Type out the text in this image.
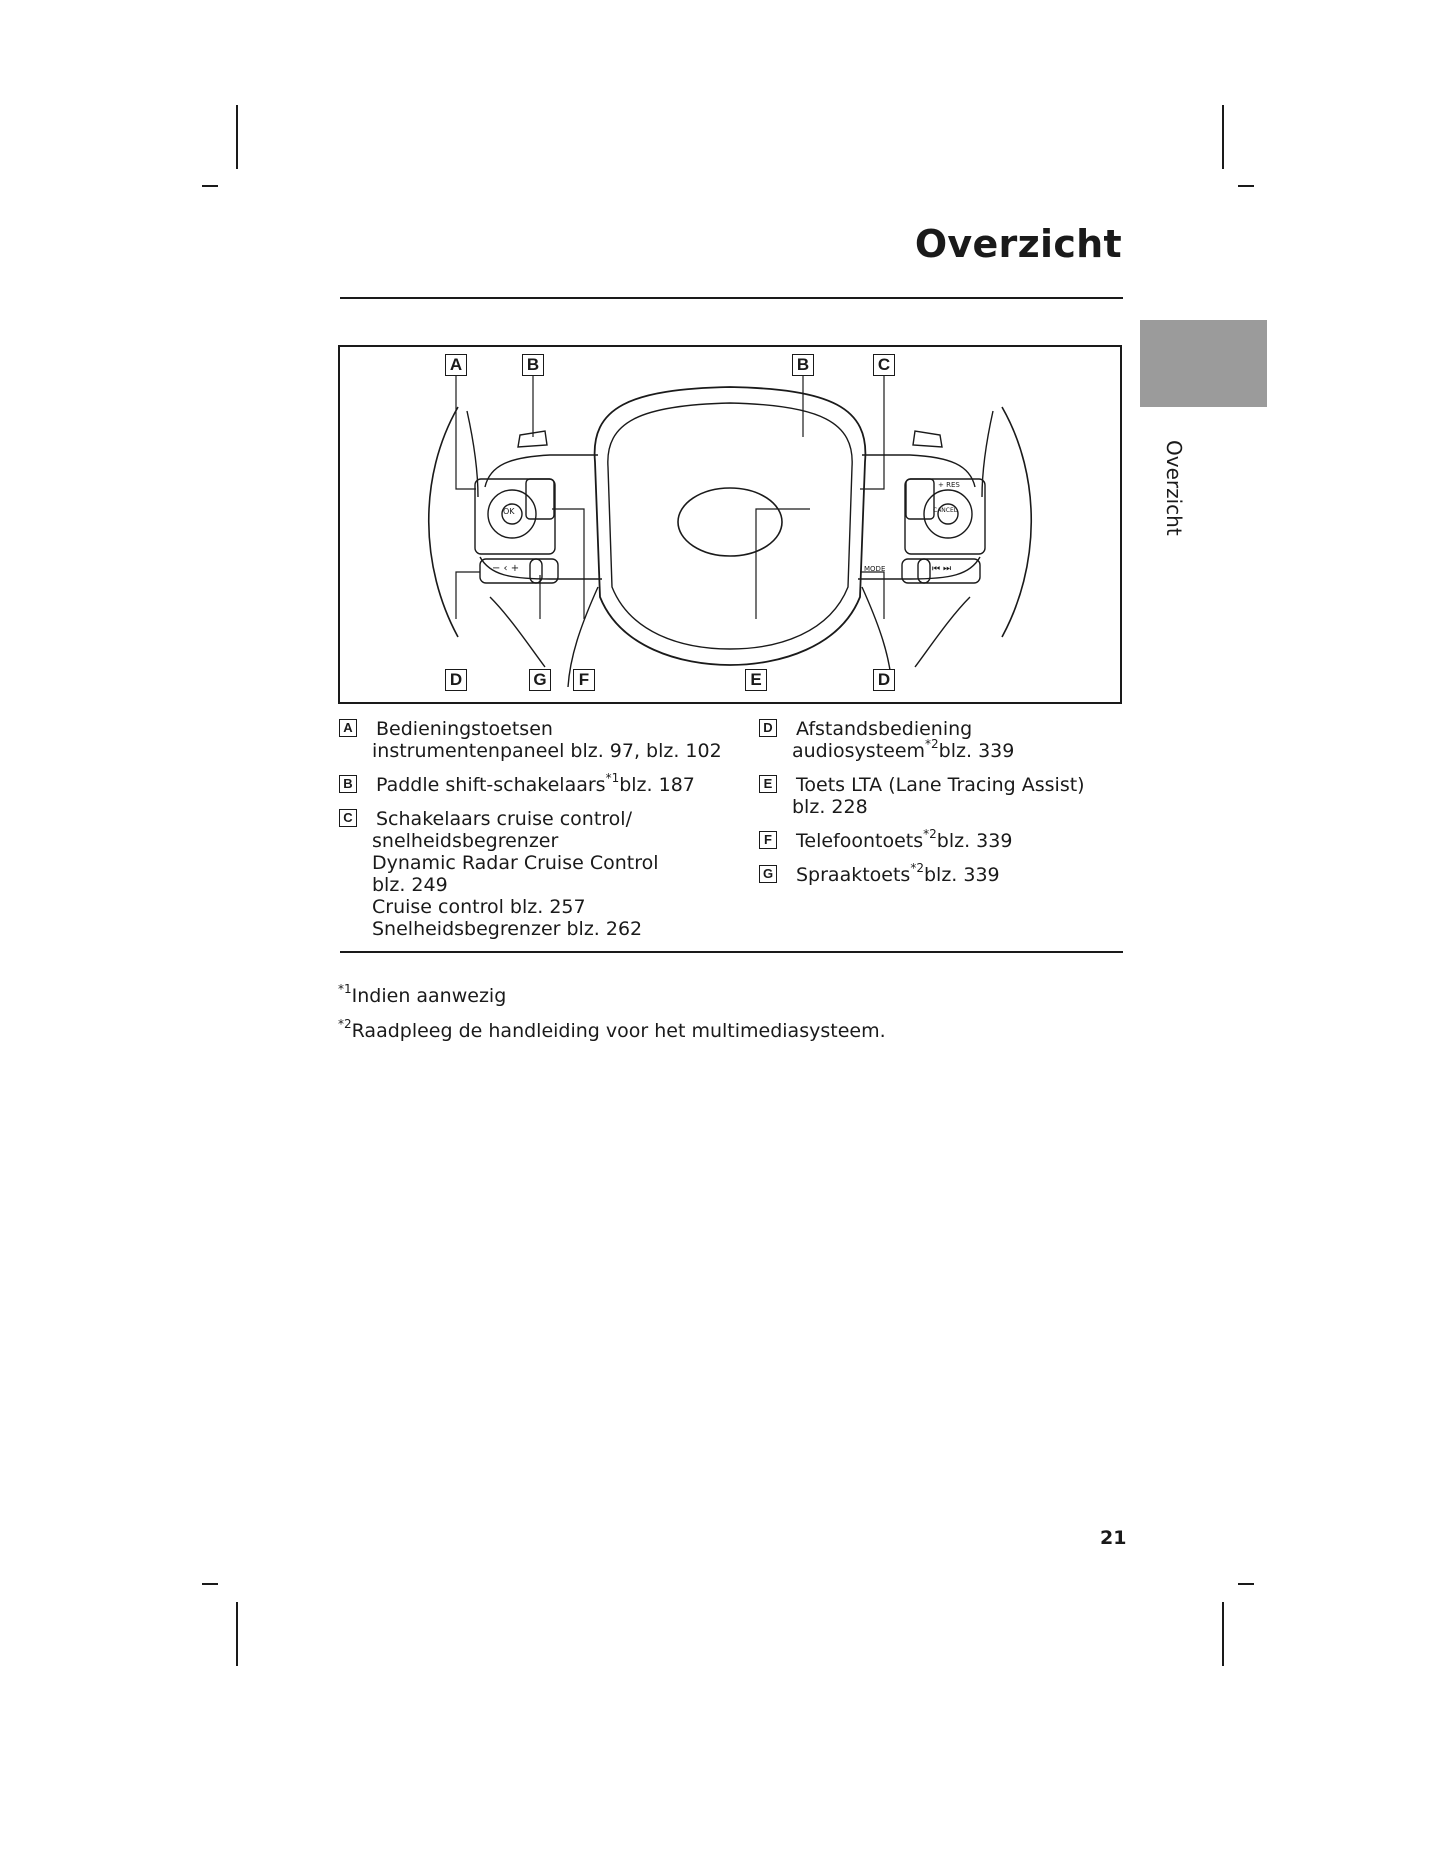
Overzicht
Overzicht
OK
+ RES
CANCEL
MODE
− ‹ +	⏮ ⏭
A	B	B	C
D	G	F	E	D
A Bedieningstoetsen
instrumentenpaneel blz. 97, blz. 102
B Paddle shift-schakelaars$^{*1}$blz. 187
C Schakelaars cruise control/
snelheidsbegrenzer
Dynamic Radar Cruise Control
blz. 249
Cruise control blz. 257
Snelheidsbegrenzer blz. 262
D Afstandsbediening
audiosysteem$^{*2}$blz. 339
E Toets LTA (Lane Tracing Assist)
blz. 228
F Telefoontoets$^{*2}$blz. 339
G Spraaktoets$^{*2}$blz. 339
$^{*1}$Indien aanwezig
$^{*2}$Raadpleeg de handleiding voor het multimediasysteem.
21
